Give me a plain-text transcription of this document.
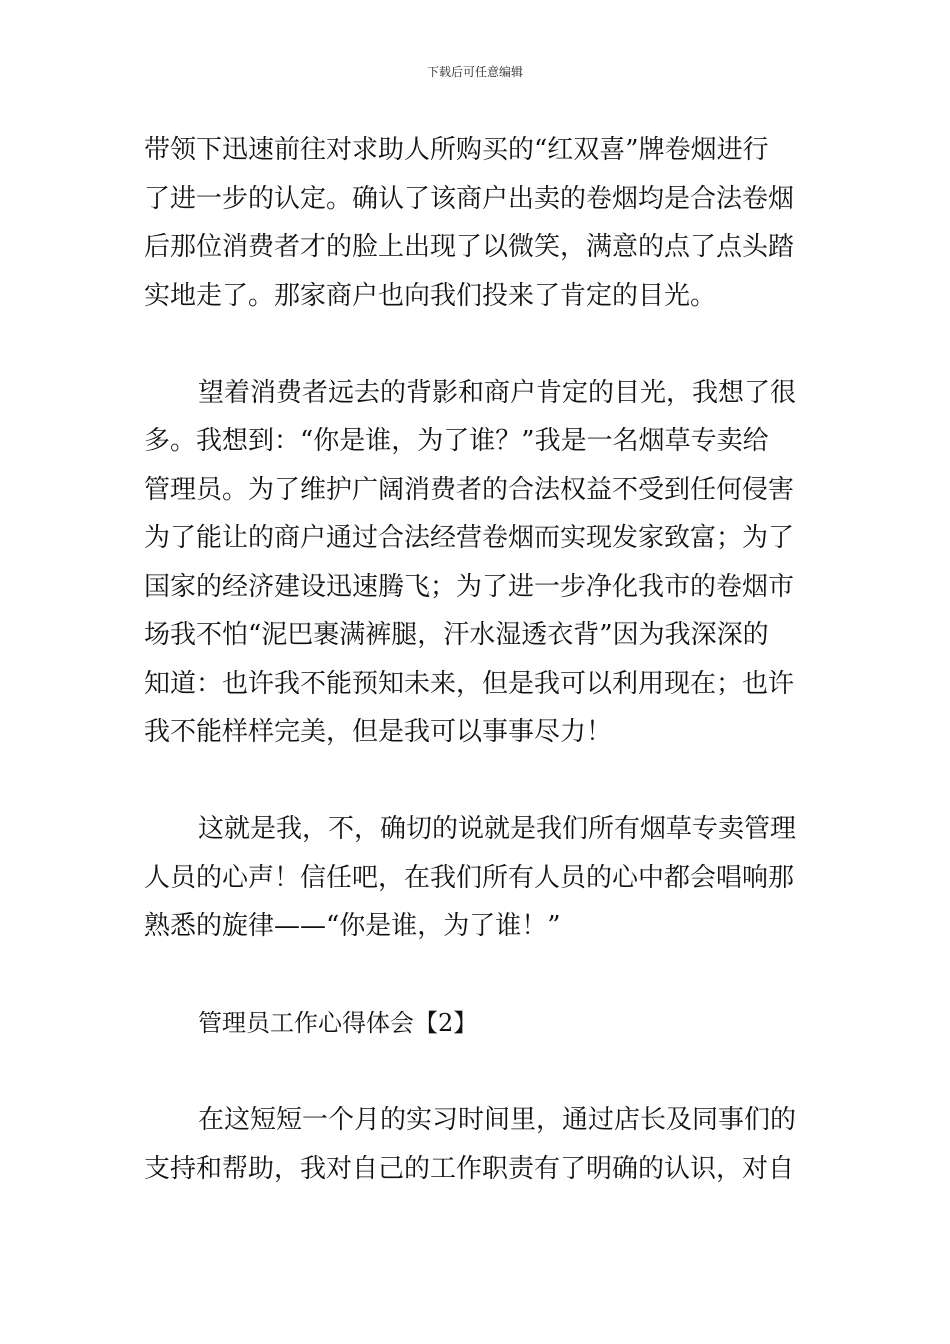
下载后可任意编辑
带领下迅速前往对求助人所购买的“红双喜”牌卷烟进行
了进一步的认定。确认了该商户出卖的卷烟均是合法卷烟
后那位消费者才的脸上出现了以微笑，满意的点了点头踏
实地走了。那家商户也向我们投来了肯定的目光。
望着消费者远去的背影和商户肯定的目光，我想了很
多。我想到：“你是谁，为了谁？”我是一名烟草专卖给
管理员。为了维护广阔消费者的合法权益不受到任何侵害
为了能让的商户通过合法经营卷烟而实现发家致富；为了
国家的经济建设迅速腾飞；为了进一步净化我市的卷烟市
场我不怕“泥巴裹满裤腿，汗水湿透衣背”因为我深深的
知道：也许我不能预知未来，但是我可以利用现在；也许
我不能样样完美，但是我可以事事尽力！
这就是我，不，确切的说就是我们所有烟草专卖管理
人员的心声！信任吧，在我们所有人员的心中都会唱响那
熟悉的旋律——“你是谁，为了谁！”
管理员工作心得体会【2】
在这短短一个月的实习时间里，通过店长及同事们的
支持和帮助，我对自己的工作职责有了明确的认识，对自
